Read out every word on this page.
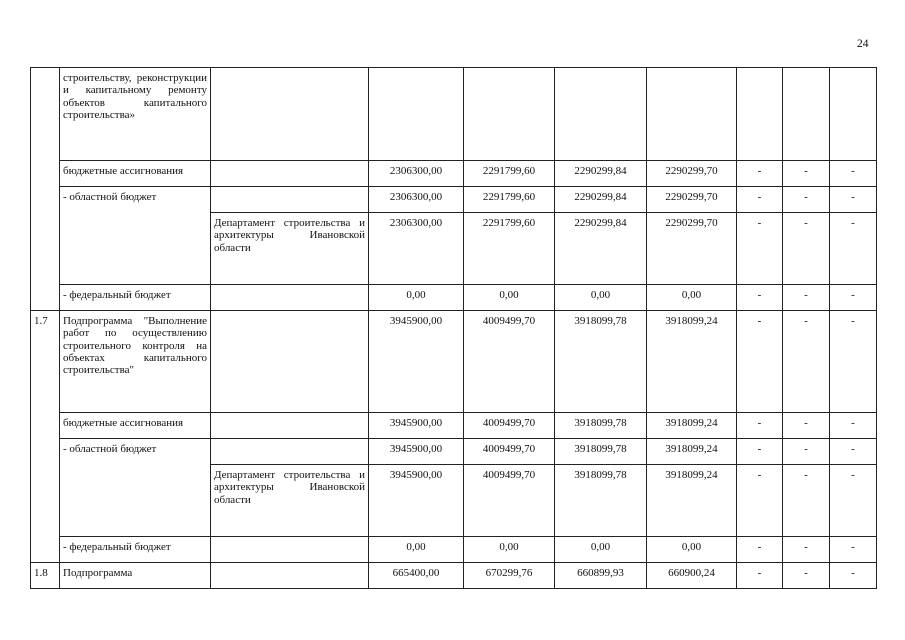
24
	строительству, реконструкции и капитальному ремонту объектов капитального строительства»								
	бюджетные ассигнования		2306300,00	2291799,60	2290299,84	2290299,70	-	-	-
	- областной бюджет		2306300,00	2291799,60	2290299,84	2290299,70	-	-	-
		Департамент строительства и архитектуры Ивановской области	2306300,00	2291799,60	2290299,84	2290299,70	-	-	-
	- федеральный бюджет		0,00	0,00	0,00	0,00	-	-	-
1.7	Подпрограмма "Выполнение работ по осуществлению строительного контроля на объектах капитального строительства"		3945900,00	4009499,70	3918099,78	3918099,24	-	-	-
	бюджетные ассигнования		3945900,00	4009499,70	3918099,78	3918099,24	-	-	-
	- областной бюджет		3945900,00	4009499,70	3918099,78	3918099,24	-	-	-
		Департамент строительства и архитектуры Ивановской области	3945900,00	4009499,70	3918099,78	3918099,24	-	-	-
	- федеральный бюджет		0,00	0,00	0,00	0,00	-	-	-
1.8	Подпрограмма		665400,00	670299,76	660899,93	660900,24	-	-	-
